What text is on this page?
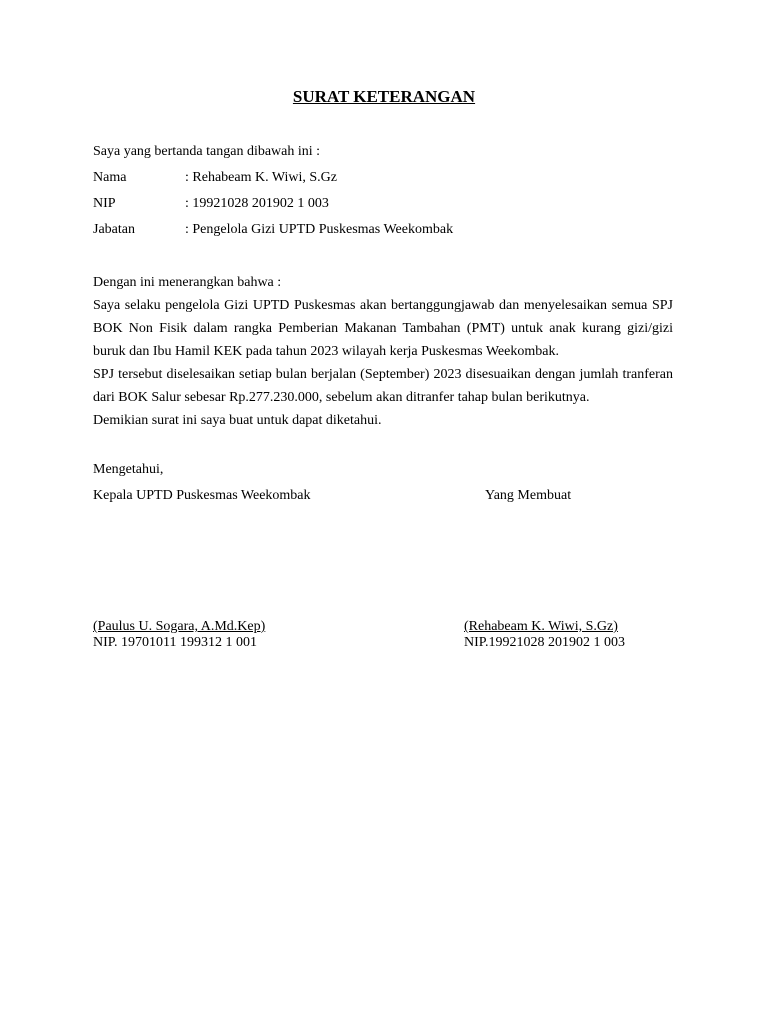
SURAT KETERANGAN
Saya yang bertanda tangan dibawah ini :
Nama	: Rehabeam K. Wiwi, S.Gz
NIP	: 19921028 201902 1 003
Jabatan	: Pengelola Gizi UPTD Puskesmas Weekombak
Dengan ini menerangkan bahwa :
Saya selaku pengelola Gizi UPTD Puskesmas akan bertanggungjawab dan menyelesaikan semua SPJ BOK Non Fisik dalam rangka Pemberian Makanan Tambahan (PMT) untuk anak kurang gizi/gizi buruk dan Ibu Hamil KEK pada tahun 2023 wilayah kerja Puskesmas Weekombak.
SPJ tersebut diselesaikan setiap bulan berjalan (September) 2023 disesuaikan dengan jumlah tranferan dari BOK Salur sebesar Rp.277.230.000, sebelum akan ditranfer tahap bulan berikutnya.
Demikian surat ini saya buat untuk dapat diketahui.
Mengetahui,
Kepala UPTD Puskesmas Weekombak	Yang Membuat
(Paulus U. Sogara, A.Md.Kep)
NIP. 19701011 199312 1 001
(Rehabeam K. Wiwi, S.Gz)
NIP.19921028 201902 1 003
